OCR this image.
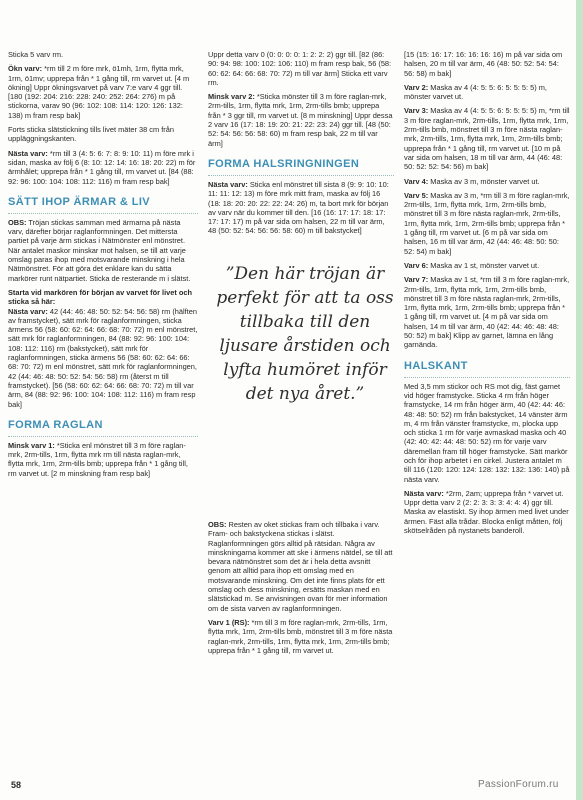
Sticka 5 varv rm.

Ökn varv: *rm till 2 m före mrk, ö1mh, 1rm, flytta mrk, 1rm, ö1mv; upprepa från * 1 gång till, rm varvet ut. [4 m ökning] Uppr ökningsvarvet på varv 7:e varv 4 ggr till. [180 (192: 204: 216: 228: 240: 252: 264: 276) m på stickorna, varav 90 (96: 102: 108: 114: 120: 126: 132: 138) m fram resp bak]

Forts sticka slätstickning tills livet mäter 38 cm från uppläggningskanten.

Nästa varv: *rm till 3 (4: 5: 6: 7: 8: 9: 10: 11) m före mrk i sidan, maska av följ 6 (8: 10: 12: 14: 16: 18: 20: 22) m för ärmhålet; upprepa från * 1 gång till, rm varvet ut. [84 (88: 92: 96: 100: 104: 108: 112: 116) m fram resp bak]

SÄTT IHOP ÄRMAR & LIV

OBS: Tröjan stickas samman med ärmarna på nästa varv, därefter börjar raglanformningen. Det mittersta partiet på varje ärm stickas i Nätmönster enl mönstret. När antalet maskor minskar mot halsen, se till att varje omslag paras ihop med motsvarande minskning i hela Nätmönstret. För att göra det enklare kan du sätta markörer runt nätpartiet. Sticka de resterande m i slätst.

Starta vid markören för början av varvet för livet och sticka så här:

Nästa varv: 42 (44: 46: 48: 50: 52: 54: 56: 58) rm (hälften av framstycket), sätt mrk för raglanformningen, sticka ärmens 56 (58: 60: 62: 64: 66: 68: 70: 72) m enl mönstret, sätt mrk för raglanformningen, 84 (88: 92: 96: 100: 104: 108: 112: 116) rm (bakstycket), sätt mrk för raglanformningen, sticka ärmens 56 (58: 60: 62: 64: 66: 68: 70: 72) m enl mönstret, sätt mrk för raglanformningen, 42 (44: 46: 48: 50: 52: 54: 56: 58) rm (återst m till framstycket). [56 (58: 60: 62: 64: 66: 68: 70: 72) m till var ärm, 84 (88: 92: 96: 100: 104: 108: 112: 116) m fram resp bak]

FORMA RAGLAN

Minsk varv 1: *Sticka enl mönstret till 3 m före raglan-mrk, 2rm-tills, 1rm, flytta mrk rm till nästa raglan-mrk, flytta mrk, 1rm, 2rm-tills bmb; upprepa från * 1 gång till, rm varvet ut. [2 m minskning fram resp bak]

Uppr detta varv 0 (0: 0: 0: 0: 1: 2: 2: 2) ggr till. [82 (86: 90: 94: 98: 100: 102: 106: 110) m fram resp bak, 56 (58: 60: 62: 64: 66: 68: 70: 72) m till var ärm] Sticka ett varv rm.

Minsk varv 2: *Sticka mönster till 3 m före raglan-mrk, 2rm-tills, 1rm, flytta mrk, 1rm, 2rm-tills bmb; upprepa från * 3 ggr till, rm varvet ut. [8 m minskning] Uppr dessa 2 varv 16 (17: 18: 19: 20: 21: 22: 23: 24) ggr till. [48 (50: 52: 54: 56: 56: 58: 60) m fram resp bak, 22 m till var ärm]

FORMA HALSRINGNINGEN

Nästa varv: Sticka enl mönstret till sista 8 (9: 9: 10: 10: 11: 11: 12: 13) m före mrk mitt fram, maska av följ 16 (18: 18: 20: 20: 22: 22: 24: 26) m, ta bort mrk för början av varv när du kommer till den. [16 (16: 17: 17: 18: 17: 17: 17: 17) m på var sida om halsen, 22 m till var ärm, 48 (50: 52: 54: 56: 56: 58: 60) m till bakstycket]

”Den här tröjan är perfekt för att ta oss tillbaka till den ljusare årstiden och lyfta humöret inför det nya året.”

OBS: Resten av oket stickas fram och tillbaka i varv. Fram- och bakstyckena stickas i slätst. Raglanformningen görs alltid på rätsidan. Några av minskningarna kommer att ske i ärmens nätdel, se till att bevara nätmönstret som det är i hela detta avsnitt genom att alltid para ihop ett omslag med en motsvarande minskning. Om det inte finns plats för ett omslag och dess minskning, ersätts maskan med en slätstickad m. Se anvisningen ovan för mer information om de sista varven av raglanformningen.

Varv 1 (RS): *rm till 3 m före raglan-mrk, 2rm-tills, 1rm, flytta mrk, 1rm, 2rm-tills bmb, mönstret till 3 m före nästa raglan-mrk, 2rm-tills, 1rm, flytta mrk, 1rm, 2rm-tills bmb; upprepa från * 1 gång till, rm varvet ut.

[15 (15: 16: 17: 16: 16: 16: 16) m på var sida om halsen, 20 m till var ärm, 46 (48: 50: 52: 54: 54: 56: 58) m bak]

Varv 2: Maska av 4 (4: 5: 5: 6: 5: 5: 5: 5) m, mönster varvet ut.

Varv 3: Maska av 4 (4: 5: 5: 6: 5: 5: 5: 5) m, *rm till 3 m före raglan-mrk, 2rm-tills, 1rm, flytta mrk, 1rm, 2rm-tills bmb, mönstret till 3 m före nästa raglan-mrk, 2rm-tills, 1rm, flytta mrk, 1rm, 2rm-tills bmb; upprepa från * 1 gång till, rm varvet ut. [10 m på var sida om halsen, 18 m till var ärm, 44 (46: 48: 50: 52: 52: 54: 56) m bak]

Varv 4: Maska av 3 m, mönster varvet ut.

Varv 5: Maska av 3 m, *rm till 3 m före raglan-mrk, 2rm-tills, 1rm, flytta mrk, 1rm, 2rm-tills bmb, mönstret till 3 m före nästa raglan-mrk, 2rm-tills, 1rm, flytta mrk, 1rm, 2rm-tills bmb; upprepa från * 1 gång till, rm varvet ut. [6 m på var sida om halsen, 16 m till var ärm, 42 (44: 46: 48: 50: 50: 52: 54) m bak]

Varv 6: Maska av 1 st, mönster varvet ut.

Varv 7: Maska av 1 st, *rm till 3 m före raglan-mrk, 2rm-tills, 1rm, flytta mrk, 1rm, 2rm-tills bmb, mönstret till 3 m före nästa raglan-mrk, 2rm-tills, 1rm, flytta mrk, 1rm, 2rm-tills bmb; upprepa från * 1 gång till, rm varvet ut. [4 m på var sida om halsen, 14 m till var ärm, 40 (42: 44: 46: 48: 48: 50: 52) m bak] Klipp av garnet, lämna en lång garnända.

HALSKANT

Med 3,5 mm stickor och RS mot dig, fäst garnet vid höger framstycke. Sticka 4 rm från höger framstycke, 14 rm från höger ärm, 40 (42: 44: 46: 48: 48: 50: 52) rm från bakstycket, 14 vänster ärm m, 4 rm från vänster framstycke, m, plocka upp och sticka 1 rm för varje avmaskad maska och 40 (42: 40: 42: 44: 48: 50: 52) rm för varje varv däremellan fram till höger framstycke. Sätt markör och för ihop arbetet i en cirkel. Justera antalet m till 116 (120: 120: 124: 128: 132: 132: 136: 140) på nästa varv.

Nästa varv: *2rm, 2am; upprepa från * varvet ut. Uppr detta varv 2 (2: 2: 3: 3: 3: 4: 4: 4) ggr till. Maska av elastiskt. Sy ihop ärmen med livet under ärmen. Fäst alla trådar. Blocka enligt måtten, följ skötselråden på nystanets banderoll.

58	PassionForum.ru
